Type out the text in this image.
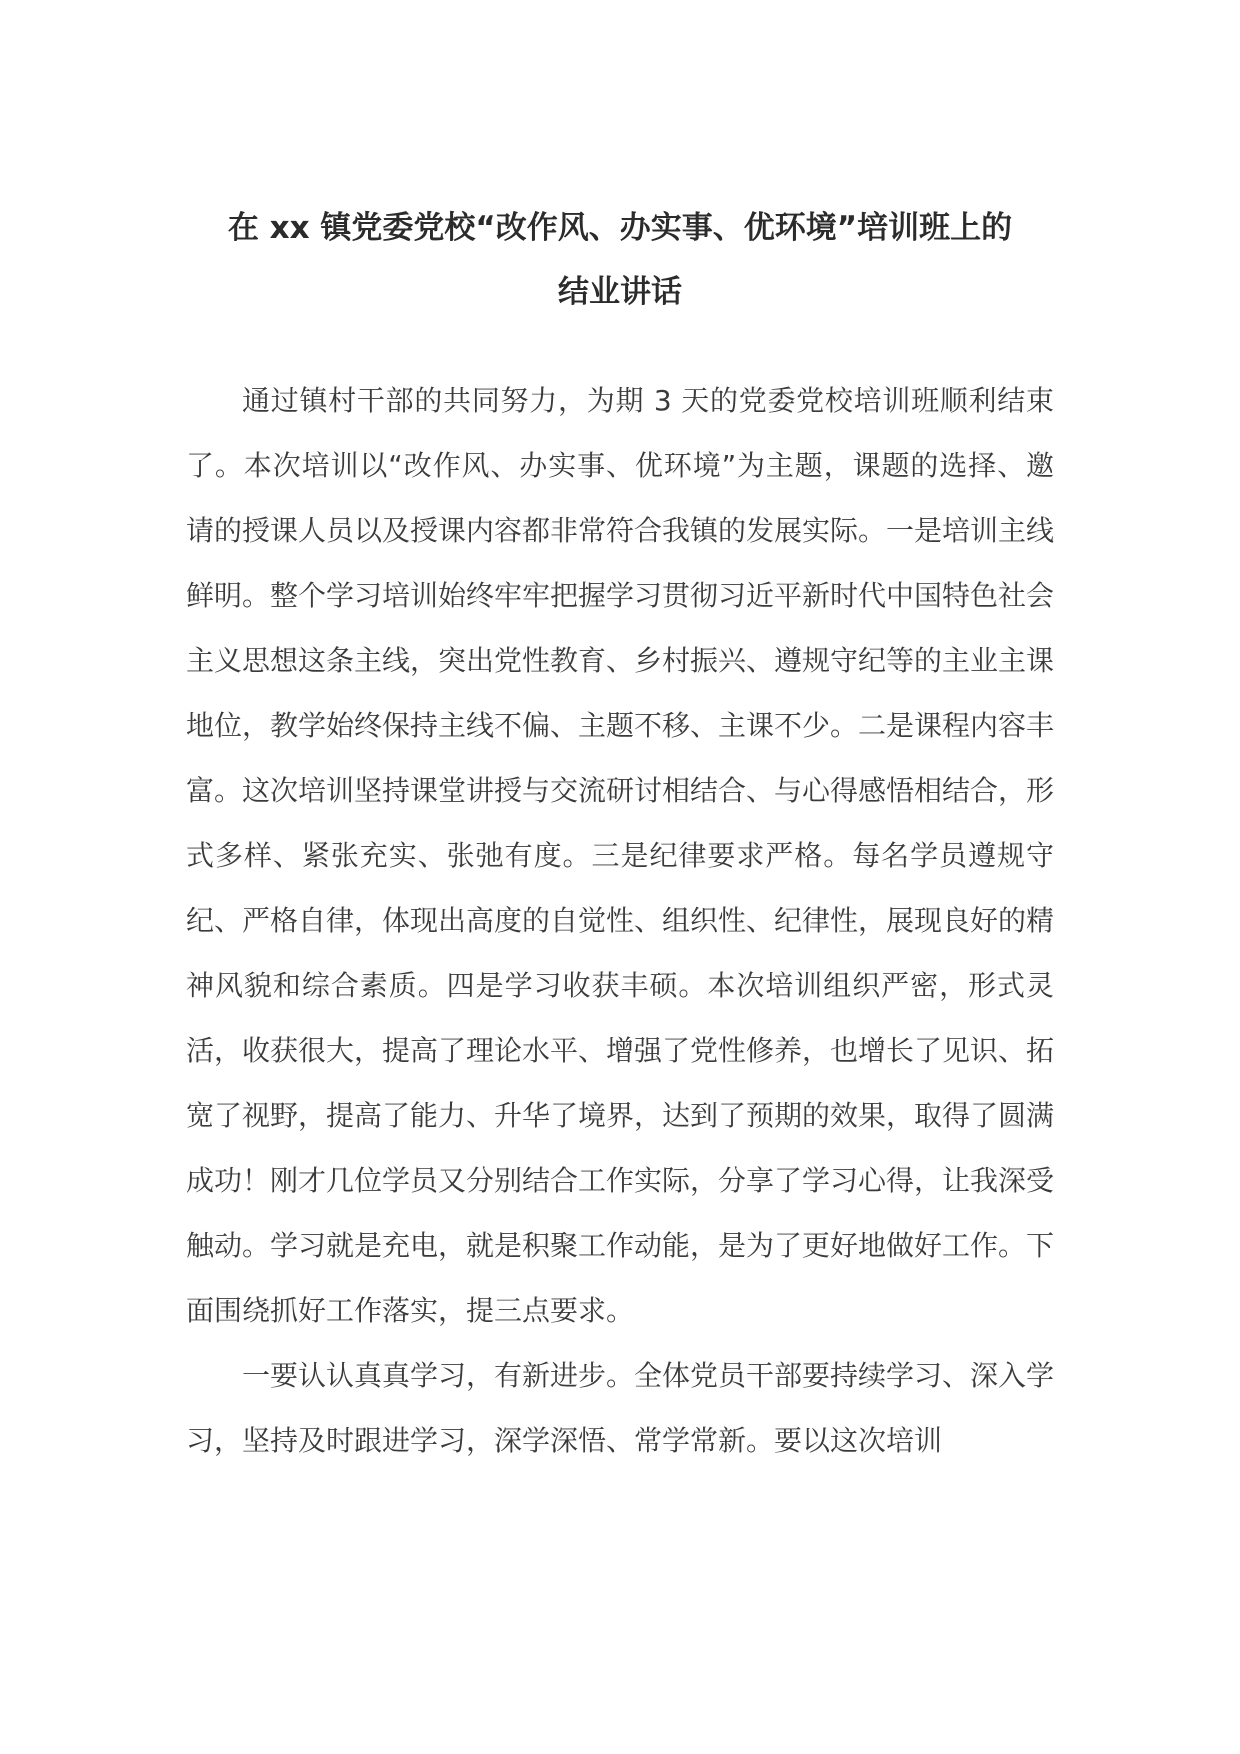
在 xx 镇党委党校“改作风、办实事、优环境”培训班上的
结业讲话

通过镇村干部的共同努力，为期 3 天的党委党校培训班顺利结束了。本次培训以“改作风、办实事、优环境”为主题，课题的选择、邀请的授课人员以及授课内容都非常符合我镇的发展实际。一是培训主线鲜明。整个学习培训始终牢牢把握学习贯彻习近平新时代中国特色社会主义思想这条主线，突出党性教育、乡村振兴、遵规守纪等的主业主课地位，教学始终保持主线不偏、主题不移、主课不少。二是课程内容丰富。这次培训坚持课堂讲授与交流研讨相结合、与心得感悟相结合，形式多样、紧张充实、张弛有度。三是纪律要求严格。每名学员遵规守纪、严格自律，体现出高度的自觉性、组织性、纪律性，展现良好的精神风貌和综合素质。四是学习收获丰硕。本次培训组织严密，形式灵活，收获很大，提高了理论水平、增强了党性修养，也增长了见识、拓宽了视野，提高了能力、升华了境界，达到了预期的效果，取得了圆满成功！刚才几位学员又分别结合工作实际，分享了学习心得，让我深受触动。学习就是充电，就是积聚工作动能，是为了更好地做好工作。下面围绕抓好工作落实，提三点要求。

一要认认真真学习，有新进步。全体党员干部要持续学习、深入学习，坚持及时跟进学习，深学深悟、常学常新。要以这次培训
